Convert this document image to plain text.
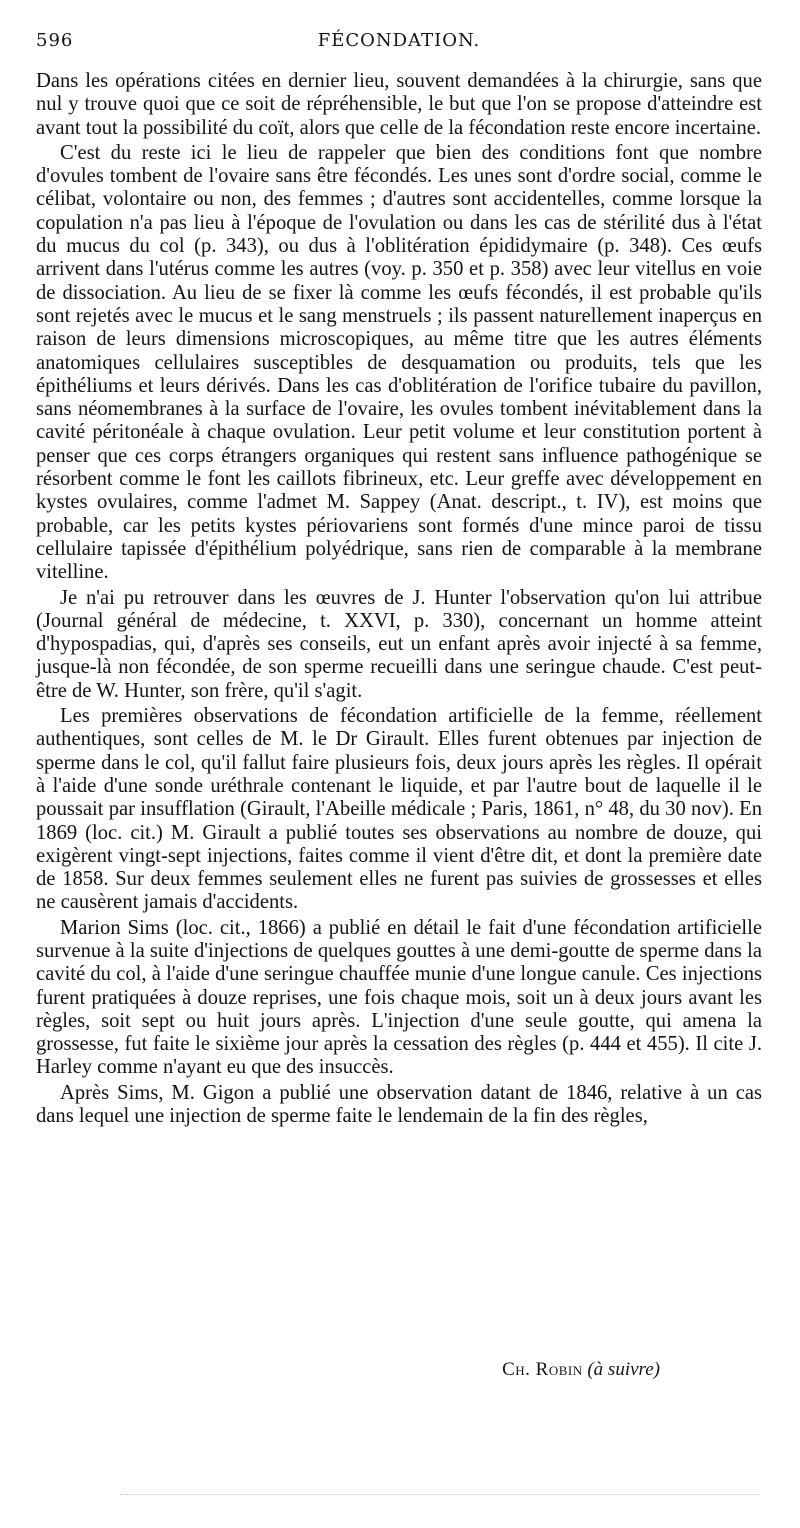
596	FÉCONDATION.

Dans les opérations citées en dernier lieu, souvent demandées à la chirurgie, sans que nul y trouve quoi que ce soit de répréhensible, le but que l'on se propose d'atteindre est avant tout la possibilité du coït, alors que celle de la fécondation reste encore incertaine.

C'est du reste ici le lieu de rappeler que bien des conditions font que nombre d'ovules tombent de l'ovaire sans être fécondés. Les unes sont d'ordre social, comme le célibat, volontaire ou non, des femmes ; d'autres sont accidentelles, comme lorsque la copulation n'a pas lieu à l'époque de l'ovulation ou dans les cas de stérilité dus à l'état du mucus du col (p. 343), ou dus à l'oblitération épididymaire (p. 348). Ces œufs arrivent dans l'utérus comme les autres (voy. p. 350 et p. 358) avec leur vitellus en voie de dissociation. Au lieu de se fixer là comme les œufs fécondés, il est probable qu'ils sont rejetés avec le mucus et le sang menstruels ; ils passent naturellement inaperçus en raison de leurs dimensions microscopiques, au même titre que les autres éléments anatomiques cellulaires susceptibles de desquamation ou produits, tels que les épithéliums et leurs dérivés. Dans les cas d'oblitération de l'orifice tubaire du pavillon, sans néomembranes à la surface de l'ovaire, les ovules tombent inévitablement dans la cavité péritonéale à chaque ovulation. Leur petit volume et leur constitution portent à penser que ces corps étrangers organiques qui restent sans influence pathogénique se résorbent comme le font les caillots fibrineux, etc. Leur greffe avec développement en kystes ovulaires, comme l'admet M. Sappey (Anat. descript., t. IV), est moins que probable, car les petits kystes périovariens sont formés d'une mince paroi de tissu cellulaire tapissée d'épithélium polyédrique, sans rien de comparable à la membrane vitelline.

Je n'ai pu retrouver dans les œuvres de J. Hunter l'observation qu'on lui attribue (Journal général de médecine, t. XXVI, p. 330), concernant un homme atteint d'hypospadias, qui, d'après ses conseils, eut un enfant après avoir injecté à sa femme, jusque-là non fécondée, de son sperme recueilli dans une seringue chaude. C'est peut-être de W. Hunter, son frère, qu'il s'agit.

Les premières observations de fécondation artificielle de la femme, réellement authentiques, sont celles de M. le Dr Girault. Elles furent obtenues par injection de sperme dans le col, qu'il fallut faire plusieurs fois, deux jours après les règles. Il opérait à l'aide d'une sonde uréthrale contenant le liquide, et par l'autre bout de laquelle il le poussait par insufflation (Girault, l'Abeille médicale ; Paris, 1861, n° 48, du 30 nov). En 1869 (loc. cit.) M. Girault a publié toutes ses observations au nombre de douze, qui exigèrent vingt-sept injections, faites comme il vient d'être dit, et dont la première date de 1858. Sur deux femmes seulement elles ne furent pas suivies de grossesses et elles ne causèrent jamais d'accidents.

Marion Sims (loc. cit., 1866) a publié en détail le fait d'une fécondation artificielle survenue à la suite d'injections de quelques gouttes à une demi-goutte de sperme dans la cavité du col, à l'aide d'une seringue chauffée munie d'une longue canule. Ces injections furent pratiquées à douze reprises, une fois chaque mois, soit un à deux jours avant les règles, soit sept ou huit jours après. L'injection d'une seule goutte, qui amena la grossesse, fut faite le sixième jour après la cessation des règles (p. 444 et 455). Il cite J. Harley comme n'ayant eu que des insuccès.

Après Sims, M. Gigon a publié une observation datant de 1846, relative à un cas dans lequel une injection de sperme faite le lendemain de la fin des règles,

Ch. Robin (à suivre)
